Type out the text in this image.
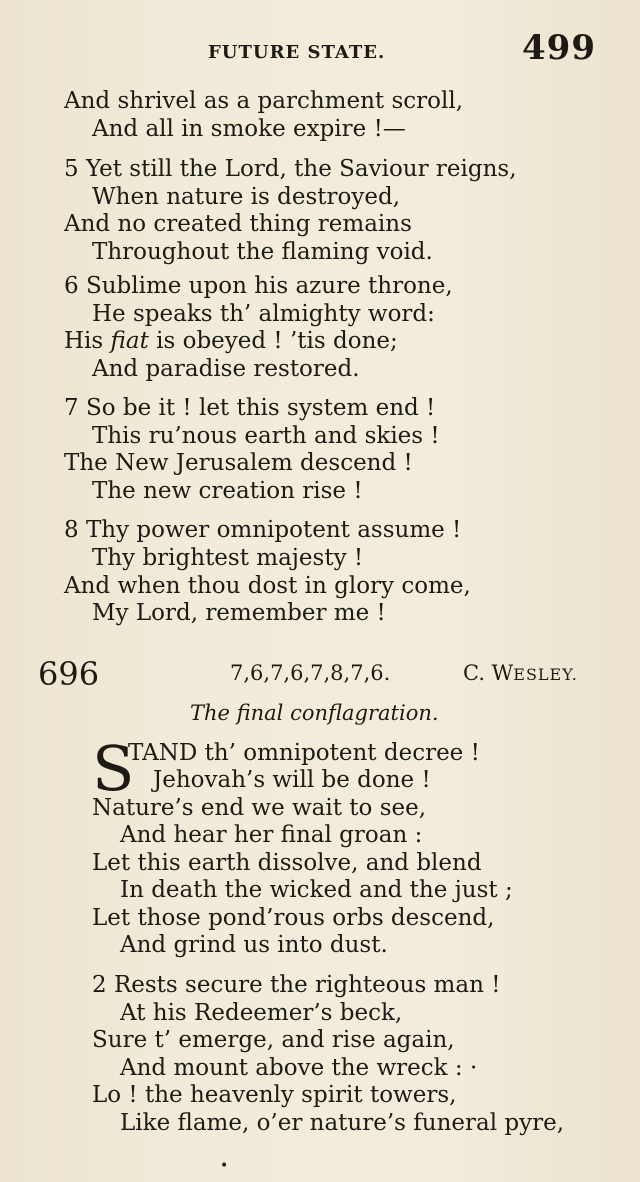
FUTURE STATE.	499
And shrivel as a parchment scroll,
And all in smoke expire !—
5 Yet still the Lord, the Saviour reigns,
When nature is destroyed,
And no created thing remains
Throughout the flaming void.
6 Sublime upon his azure throne,
He speaks th’ almighty word:
His fiat is obeyed ! ’tis done;
And paradise restored.
7 So be it ! let this system end !
This ru’nous earth and skies !
The New Jerusalem descend !
The new creation rise !
8 Thy power omnipotent assume !
Thy brightest majesty !
And when thou dost in glory come,
My Lord, remember me !
696	7,6,7,6,7,8,7,6.	C. WESLEY.
The final conflagration.
S
TAND th’ omnipotent decree !
Jehovah’s will be done !
Nature’s end we wait to see,
And hear her final groan :
Let this earth dissolve, and blend
In death the wicked and the just ;
Let those pond’rous orbs descend,
And grind us into dust.
2 Rests secure the righteous man !
At his Redeemer’s beck,
Sure t’ emerge, and rise again,
And mount above the wreck : ·
Lo ! the heavenly spirit towers,
Like flame, o’er nature’s funeral pyre,
•
